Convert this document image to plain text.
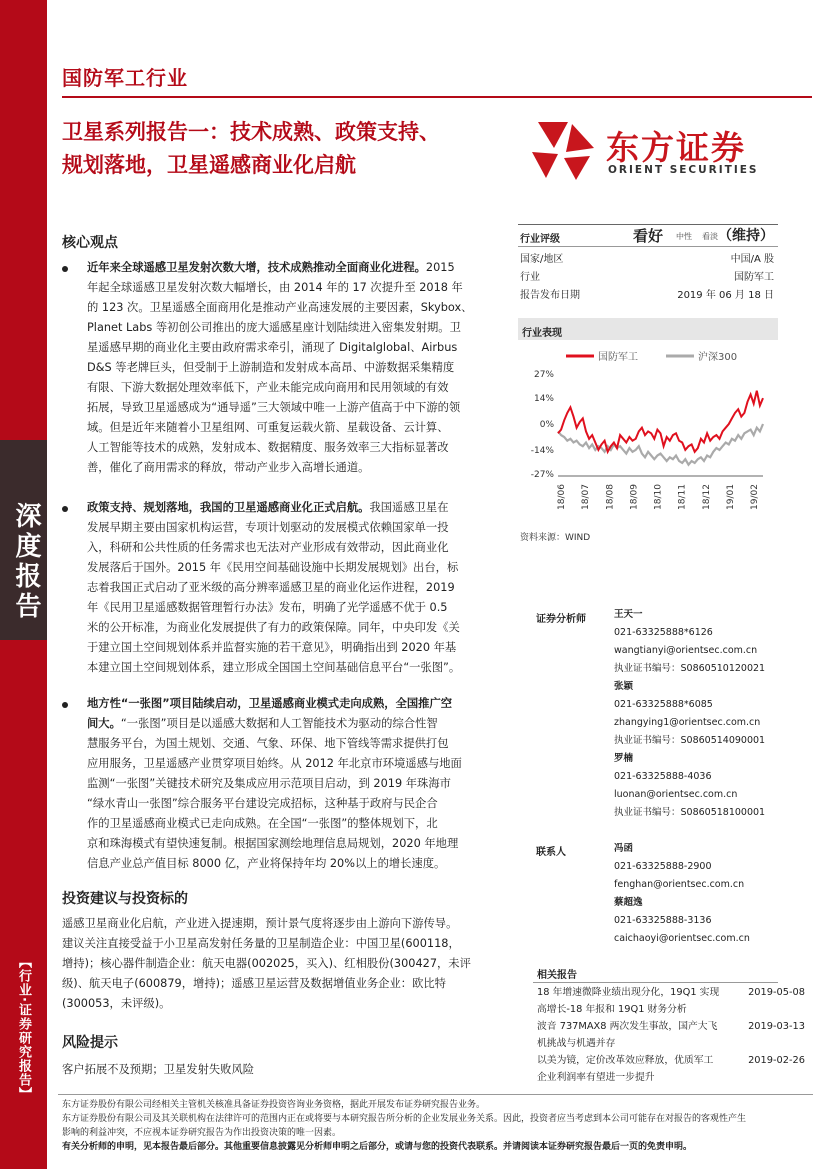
深度报告
【行业·证券研究报告】
国防军工行业
卫星系列报告一：技术成熟、政策支持、
规划落地，卫星遥感商业化启航	东方证券
ORIENT SECURITIES
核心观点
近年来全球遥感卫星发射次数大增，技术成熟推动全面商业化进程。2015
年起全球遥感卫星发射次数大幅增长，由 2014 年的 17 次提升至 2018 年
的 123 次。卫星遥感全面商用化是推动产业高速发展的主要因素，Skybox、
Planet Labs 等初创公司推出的庞大遥感星座计划陆续进入密集发射期。卫
星遥感早期的商业化主要由政府需求牵引，涌现了 Digitalglobal、Airbus
D&S 等老牌巨头，但受制于上游制造和发射成本高昂、中游数据采集精度
有限、下游大数据处理效率低下，产业未能完成向商用和民用领域的有效
拓展，导致卫星遥感成为“通导遥”三大领域中唯一上游产值高于中下游的领
域。但是近年来随着小卫星组网、可重复运载火箭、星载设备、云计算、
人工智能等技术的成熟，发射成本、数据精度、服务效率三大指标显著改
善，催化了商用需求的释放，带动产业步入高增长通道。
政策支持、规划落地，我国的卫星遥感商业化正式启航。我国遥感卫星在
发展早期主要由国家机构运营，专项计划驱动的发展模式依赖国家单一投
入，科研和公共性质的任务需求也无法对产业形成有效带动，因此商业化
发展落后于国外。2015 年《民用空间基础设施中长期发展规划》出台，标
志着我国正式启动了亚米级的高分辨率遥感卫星的商业化运作进程，2019
年《民用卫星遥感数据管理暂行办法》发布，明确了光学遥感不优于 0.5
米的公开标准，为商业化发展提供了有力的政策保障。同年，中央印发《关
于建立国土空间规划体系并监督实施的若干意见》，明确指出到 2020 年基
本建立国土空间规划体系，建立形成全国国土空间基础信息平台“一张图”。
地方性“一张图”项目陆续启动，卫星遥感商业模式走向成熟，全国推广空
间大。“一张图”项目是以遥感大数据和人工智能技术为驱动的综合性智
慧服务平台，为国土规划、交通、气象、环保、地下管线等需求提供打包
应用服务，卫星遥感产业贯穿项目始终。从 2012 年北京市环境遥感与地面
监测“一张图”关键技术研究及集成应用示范项目启动，到 2019 年珠海市
“绿水青山一张图”综合服务平台建设完成招标，这种基于政府与民企合
作的卫星遥感商业模式已走向成熟。在全国“一张图”的整体规划下，北
京和珠海模式有望快速复制。根据国家测绘地理信息局规划，2020 年地理
信息产业总产值目标 8000 亿，产业将保持年均 20%以上的增长速度。
投资建议与投资标的
遥感卫星商业化启航，产业进入提速期，预计景气度将逐步由上游向下游传导。
建议关注直接受益于小卫星高发射任务量的卫星制造企业：中国卫星(600118，
增持)；核心器件制造企业：航天电器(002025，买入)、红相股份(300427，未评
级)、航天电子(600879，增持)；遥感卫星运营及数据增值业务企业：欧比特
(300053，未评级)。
风险提示
客户拓展不及预期；卫星发射失败风险
行业评级	看好 中性 看淡 （维持）
国家/地区	中国/A 股
行业	国防军工
报告发布日期	2019 年 06 月 18 日
行业表现
国防军工	沪深300
27%
14%
0%
-14%
-27%
18/06 18/07 18/08 18/09 18/10 18/11 18/12 19/01 19/02
资料来源：WIND
证券分析师	王天一
021-63325888*6126
wangtianyi@orientsec.com.cn
执业证书编号：S0860510120021
张颖
021-63325888*6085
zhangying1@orientsec.com.cn
执业证书编号：S0860514090001
罗楠
021-63325888-4036
luonan@orientsec.com.cn
执业证书编号：S0860518100001
联系人	冯函
021-63325888-2900
fenghan@orientsec.com.cn
蔡超逸
021-63325888-3136
caichaoyi@orientsec.com.cn
相关报告
18 年增速微降业绩出现分化，19Q1 实现
高增长-18 年报和 19Q1 财务分析
2019-05-08
波音 737MAX8 两次发生事故，国产大飞
机挑战与机遇并存
2019-03-13
以美为镜，定价改革效应释放，优质军工
企业利润率有望进一步提升
2019-02-26
东方证券股份有限公司经相关主管机关核准具备证券投资咨询业务资格，据此开展发布证券研究报告业务。
东方证券股份有限公司及其关联机构在法律许可的范围内正在或将要与本研究报告所分析的企业发展业务关系。因此，投资者应当考虑到本公司可能存在对报告的客观性产生
影响的利益冲突，不应视本证券研究报告为作出投资决策的唯一因素。
有关分析师的申明，见本报告最后部分。其他重要信息披露见分析师申明之后部分，或请与您的投资代表联系。并请阅读本证券研究报告最后一页的免责申明。
